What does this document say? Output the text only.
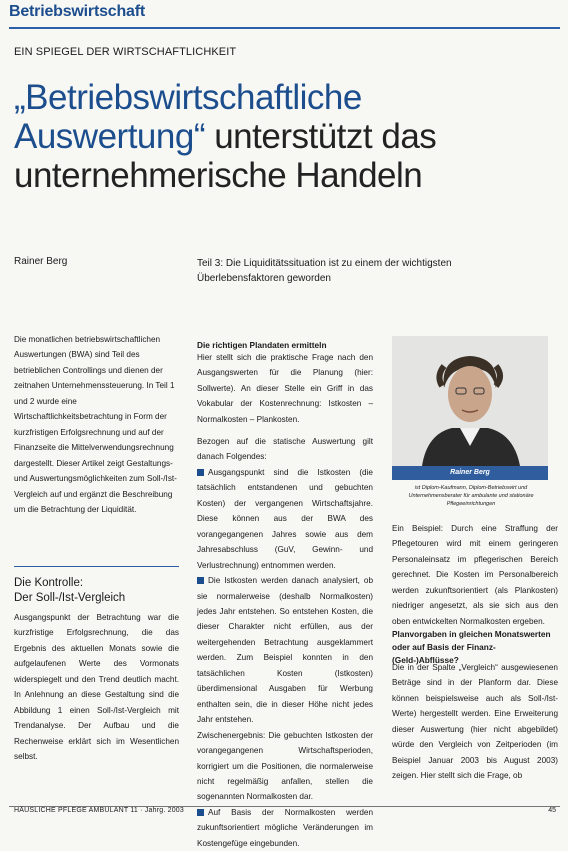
Betriebswirtschaft
EIN SPIEGEL DER WIRTSCHAFTLICHKEIT
„Betriebswirtschaftliche
Auswertung“ unterstützt das
unternehmerische Handeln
Rainer Berg	Teil 3: Die Liquiditätssituation ist zu einem der wichtigsten Überlebensfaktoren geworden
Die monatlichen betriebswirtschaftlichen Auswertungen (BWA) sind Teil des betrieblichen Controllings und dienen der zeitnahen Unternehmenssteuerung. In Teil 1 und 2 wurde eine Wirtschaftlichkeitsbetrachtung in Form der kurzfristigen Erfolgsrechnung und auf der Finanzseite die Mittelverwendungsrechnung dargestellt. Dieser Artikel zeigt Gestaltungs- und Auswertungsmöglichkeiten zum Soll-/Ist-Vergleich auf und ergänzt die Beschreibung um die Betrachtung der Liquidität.
Die Kontrolle:
Der Soll-/Ist-Vergleich
Ausgangspunkt der Betrachtung war die kurzfristige Erfolgsrechnung, die das Ergebnis des aktuellen Monats sowie die aufgelaufenen Werte des Vormonats widerspiegelt und den Trend deutlich macht. In Anlehnung an diese Gestaltung sind die Abbildung 1 einen Soll-/Ist-Vergleich mit Trendanalyse. Der Aufbau und die Rechenweise erklärt sich im Wesentlichen selbst.
Die richtigen Plandaten ermitteln
Hier stellt sich die praktische Frage nach den Ausgangswerten für die Planung (hier: Sollwerte). An dieser Stelle ein Griff in das Vokabular der Kostenrechnung: Istkosten – Normalkosten – Plankosten.

Bezogen auf die statische Auswertung gilt danach Folgendes:

Ausgangspunkt sind die Istkosten (die tatsächlich entstandenen und gebuchten Kosten) der vergangenen Wirtschaftsjahre. Diese können aus der BWA des vorangegangenen Jahres sowie aus dem Jahresabschluss (GuV, Gewinn- und Verlustrechnung) entnommen werden.

Die Istkosten werden danach analysiert, ob sie normalerweise (deshalb Normalkosten) jedes Jahr entstehen. So entstehen Kosten, die dieser Charakter nicht erfüllen, aus der weitergehenden Betrachtung ausgeklammert werden. Zum Beispiel konnten in den tatsächlichen Kosten (Istkosten) überdimensional Ausgaben für Werbung enthalten sein, die in dieser Höhe nicht jedes Jahr entstehen.

Zwischenergebnis: Die gebuchten Istkosten der vorangegangenen Wirtschaftsperioden, korrigiert um die Positionen, die normalerweise nicht regelmäßig anfallen, stellen die sogenannten Normalkosten dar.

Auf Basis der Normalkosten werden zukunftsorientiert mögliche Veränderungen im Kostengefüge eingebunden.

Rainer Berg
ist Diplom-Kaufmann, Diplom-Betriebswirt und Unternehmensberater für ambulante und stationäre Pflegeeinrichtungen
Ein Beispiel: Durch eine Straffung der Pflegetouren wird mit einem geringeren Personaleinsatz im pflegerischen Bereich gerechnet. Die Kosten im Personalbereich werden zukunftsorientiert (als Plankosten) niedriger angesetzt, als sie sich aus den oben entwickelten Normalkosten ergeben.
Planvorgaben in gleichen Monatswerten oder auf Basis der Finanz-(Geld-)Abflüsse?
Die in der Spalte „Vergleich“ ausgewiesenen Beträge sind in der Planform dar. Diese können beispielsweise auch als Soll-/Ist-Werte) hergestellt werden. Eine Erweiterung dieser Auswertung (hier nicht abgebildet) würde den Vergleich von Zeitperioden (im Beispiel Januar 2003 bis August 2003) zeigen. Hier stellt sich die Frage, ob
HÄUSLICHE PFLEGE AMBULANT 11 · Jahrg. 2003	45
